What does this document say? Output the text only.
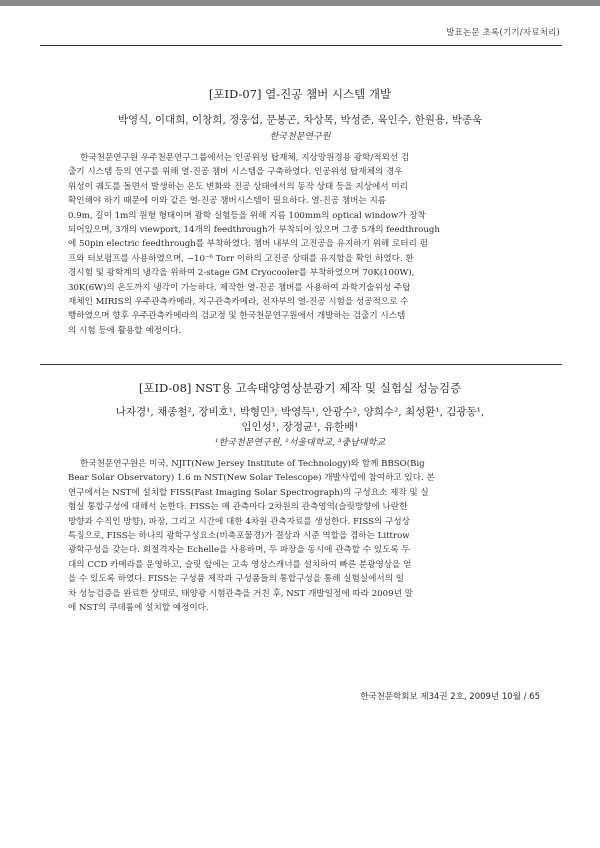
발표논문 초록(기기/자료처리)
[포ID-07] 열-진공 챔버 시스템 개발
박영식, 이대희, 이창희, 정웅섭, 문봉곤, 차상목, 박성준, 육인수, 한원용, 박종욱
한국천문연구원
한국천문연구원 우주천문연구그룹에서는 인공위성 탑재체, 지상망원경용 광학/적외선 검
출기 시스템 등의 연구를 위해 열-진공 챔버 시스템을 구축하였다. 인공위성 탑재체의 경우
위성이 궤도를 돌면서 발생하는 온도 변화와 진공 상태에서의 동작 상태 등을 지상에서 미리
확인해야 하기 때문에 이와 같은 열-진공 챔버시스템이 필요하다. 열-진공 챔버는 지름
0.9m, 길이 1m의 원형 형태이며 광학 실험등을 위해 지름 100mm의 optical window가 장착
되어있으며, 3개의 viewport, 14개의 feedthrough가 부착되어 있으며 그중 5개의 feedthrough
에 50pin electric feedthrough를 부착하였다. 챔버 내부의 고진공을 유지하기 위해 로터리 펌
프와 터보펌프를 사용하였으며, ~10⁻⁶ Torr 이하의 고진공 상태를 유지함을 확인 하였다. 환
경시험 및 광학계의 냉각을 위하여 2-stage GM Cryocooler를 부착하였으며 70K(100W),
30K(6W)의 온도까지 냉각이 가능하다. 제작한 열-진공 챔버를 사용하여 과학기술위성 주탑
재체인 MIRIS의 우주관측카메라, 지구관측카메라, 전자부의 열-진공 시험을 성공적으로 수
행하였으며 향후 우주관측카메라의 검교정 및 한국천문연구원에서 개발하는 검출기 시스템
의 시험 등에 활용할 예정이다.
[포ID-08] NST용 고속태양영상분광기 제작 및 실험실 성능검증
나자경¹, 채종철², 장비호¹, 박형민³, 박영득¹, 안광수², 양희수², 최성환¹, 김광동¹,
임인성¹, 장정균¹, 유한배¹
¹한국천문연구원, ²서울대학교, ³충남대학교
한국천문연구원은 미국, NJIT(New Jersey Institute of Technology)와 함께 BBSO(Big
Bear Solar Observatory) 1.6 m NST(New Solar Telescope) 개발사업에 참여하고 있다. 본
연구에서는 NST에 설치할 FISS(Fast Imaging Solar Spectrograph)의 구성요소 제작 및 실
험실 통합구성에 대해서 논한다. FISS는 매 관측마다 2차원의 관측영역(슬릿방향에 나란한
방향과 수직인 방향), 파장, 그리고 시간에 대한 4차원 관측자료를 생성한다. FISS의 구성상
특징으로, FISS는 하나의 광학구성요소(비축포물경)가 결상과 시준 역할을 겸하는 Littrow
광학구성을 갖는다. 회절격자는 Echelle을 사용하며, 두 파장을 동시에 관측할 수 있도록 두
대의 CCD 카메라를 운영하고, 슬릿 앞에는 고속 영상스캐너를 설치하여 빠른 분광영상을 얻
을 수 있도록 하였다. FISS는 구성품 제작과 구성품들의 통합구성을 통해 실험실에서의 일
차 성능검증을 완료한 상태로, 태양광 시험관측을 거친 후, NST 개발일정에 따라 2009년 말
에 NST의 쿠데룸에 설치할 예정이다.
한국천문학회보 제34권 2호, 2009년 10월 / 65
